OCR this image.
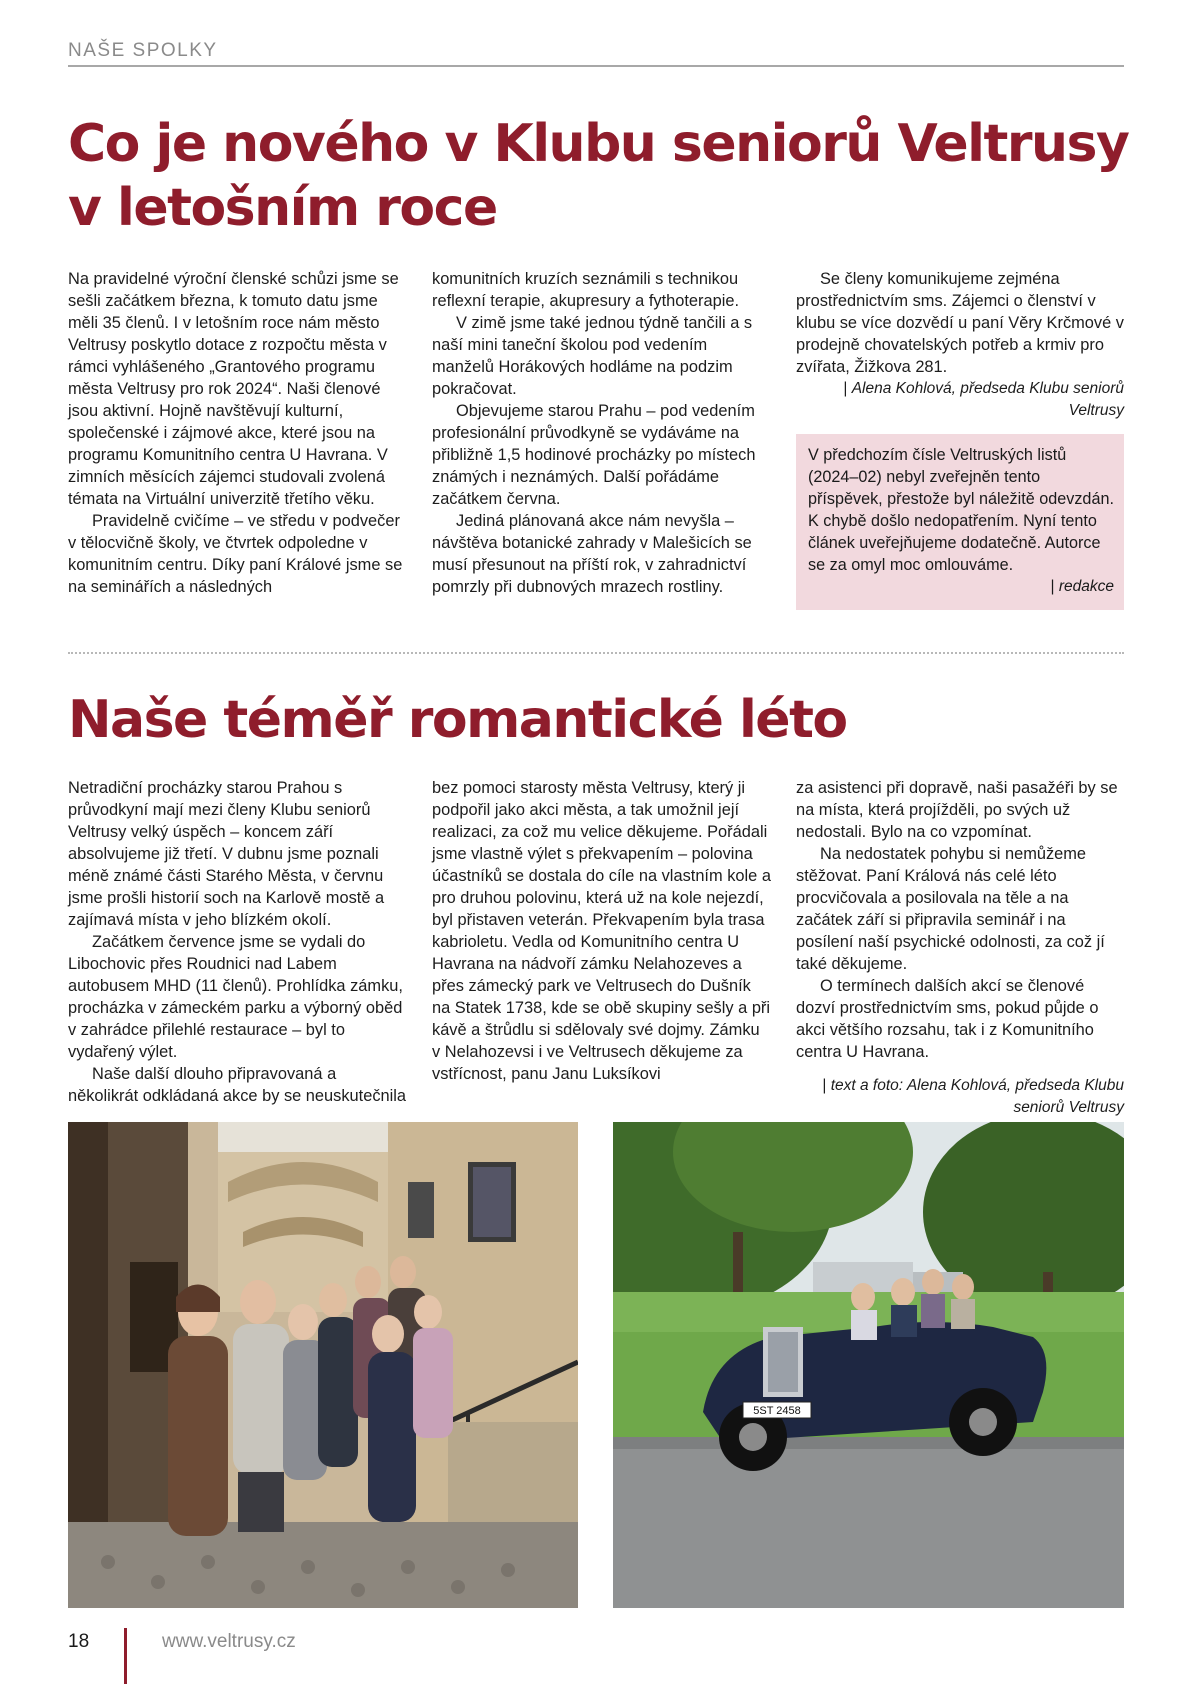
NAŠE SPOLKY
Co je nového v Klubu seniorů Veltrusy
v letošním roce

Na pravidelné výroční členské schůzi jsme se sešli začátkem března, k tomuto datu jsme měli 35 členů. I v letošním roce nám město Veltrusy poskytlo dotace z rozpočtu města v rámci vyhlášeného „Grantového programu města Veltrusy pro rok 2024“. Naši členové jsou aktivní. Hojně navštěvují kulturní, společenské i zájmové akce, které jsou na programu Komunitního centra U Havrana. V zimních měsících zájemci studovali zvolená témata na Virtuální univerzitě třetího věku.

Pravidelně cvičíme – ve středu v podvečer v tělocvičně školy, ve čtvrtek odpoledne v komunitním centru. Díky paní Králové jsme se na seminářích a následných

komunitních kruzích seznámili s technikou reflexní terapie, akupresury a fythoterapie.

V zimě jsme také jednou týdně tančili a s naší mini taneční školou pod vedením manželů Horákových hodláme na podzim pokračovat.

Objevujeme starou Prahu – pod vedením profesionální průvodkyně se vydáváme na přibližně 1,5 hodinové procházky po místech známých i neznámých. Další pořádáme začátkem června.

Jediná plánovaná akce nám nevyšla – návštěva botanické zahrady v Malešicích se musí přesunout na příští rok, v zahradnictví pomrzly při dubnových mrazech rostliny.

Se členy komunikujeme zejména prostřednictvím sms. Zájemci o členství v klubu se více dozvědí u paní Věry Krčmové v prodejně chovatelských potřeb a krmiv pro zvířata, Žižkova 281.

| Alena Kohlová, předseda Klubu seniorů Veltrusy

V předchozím čísle Veltruských listů (2024–02) nebyl zveřejněn tento příspěvek, přestože byl náležitě odevzdán. K chybě došlo nedopatřením. Nyní tento článek uveřejňujeme dodatečně. Autorce se za omyl moc omlouváme.

| redakce

Naše téměř romantické léto

Netradiční procházky starou Prahou s průvodkyní mají mezi členy Klubu seniorů Veltrusy velký úspěch – koncem září absolvujeme již třetí. V dubnu jsme poznali méně známé části Starého Města, v červnu jsme prošli historií soch na Karlově mostě a zajímavá místa v jeho blízkém okolí.

Začátkem července jsme se vydali do Libochovic přes Roudnici nad Labem autobusem MHD (11 členů). Prohlídka zámku, procházka v zámeckém parku a výborný oběd v zahrádce přilehlé restaurace – byl to vydařený výlet.

Naše další dlouho připravovaná a několikrát odkládaná akce by se neuskutečnila

bez pomoci starosty města Veltrusy, který ji podpořil jako akci města, a tak umožnil její realizaci, za což mu velice děkujeme. Pořádali jsme vlastně výlet s překvapením – polovina účastníků se dostala do cíle na vlastním kole a pro druhou polovinu, která už na kole nejezdí, byl přistaven veterán. Překvapením byla trasa kabrioletu. Vedla od Komunitního centra U Havrana na nádvoří zámku Nelahozeves a přes zámecký park ve Veltrusech do Dušník na Statek 1738, kde se obě skupiny sešly a při kávě a štrůdlu si sdělovaly své dojmy. Zámku v Nelahozevsi i ve Veltrusech děkujeme za vstřícnost, panu Janu Luksíkovi

za asistenci při dopravě, naši pasažéři by se na místa, která projížděli, po svých už nedostali. Bylo na co vzpomínat.

Na nedostatek pohybu si nemůžeme stěžovat. Paní Králová nás celé léto procvičovala a posilovala na těle a na začátek září si připravila seminář i na posílení naší psychické odolnosti, za což jí také děkujeme.

O termínech dalších akcí se členové dozví prostřednictvím sms, pokud půjde o akci většího rozsahu, tak i z Komunitního centra U Havrana.

| text a foto: Alena Kohlová, předseda Klubu seniorů Veltrusy

5ST 2458
18	www.veltrusy.cz
